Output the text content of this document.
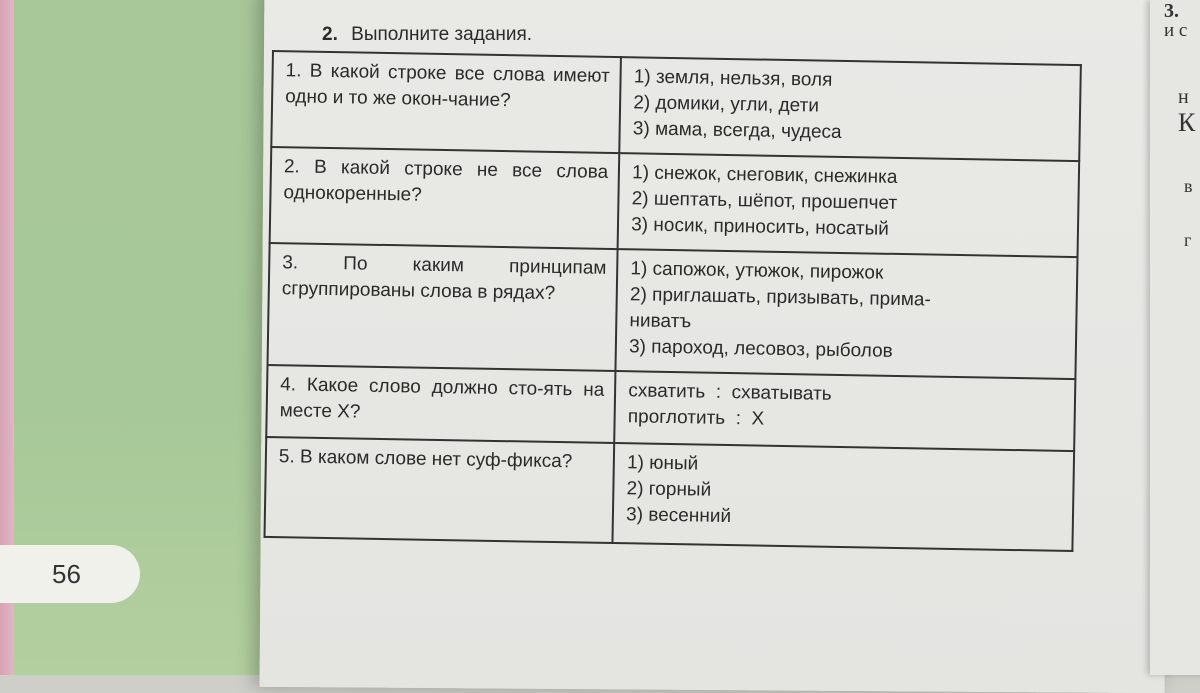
56
3.
и с
н
К
в
г
2. Выполните задания.
1. В какой строке все слова имеют одно и то же окон-чание?	1) земля, нельзя, воля
2) домики, угли, дети
3) мама, всегда, чудеса

2. В какой строке не все слова однокоренные?	1) снежок, снеговик, снежинка
2) шептать, шёпот, прошепчет
3) носик, приносить, носатый

3. По каким принципам сгруппированы слова в рядах?	1) сапожок, утюжок, пирожок
2) приглашать, призывать, прима-
ниватъ
3) пароход, лесовоз, рыболов

4. Какое слово должно сто-ять на месте Х?	схватить  :  схватывать
проглотить  :  Х

5. В каком слове нет суф-фикса?	1) юный
2) горный
3) весенний
